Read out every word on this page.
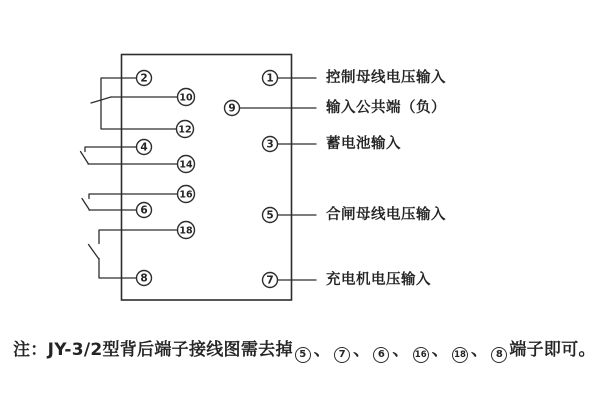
2
10
12
4
14
16
6
18
8
1
9
3
5
7
控制母线电压输入
输入公共端（负）
蓄电池输入
合闸母线电压输入
充电机电压输入
注：JY-3/2型背后端子接线图需去掉 5 、 7 、 6 、 16 、 18 、 8 端子即可。
